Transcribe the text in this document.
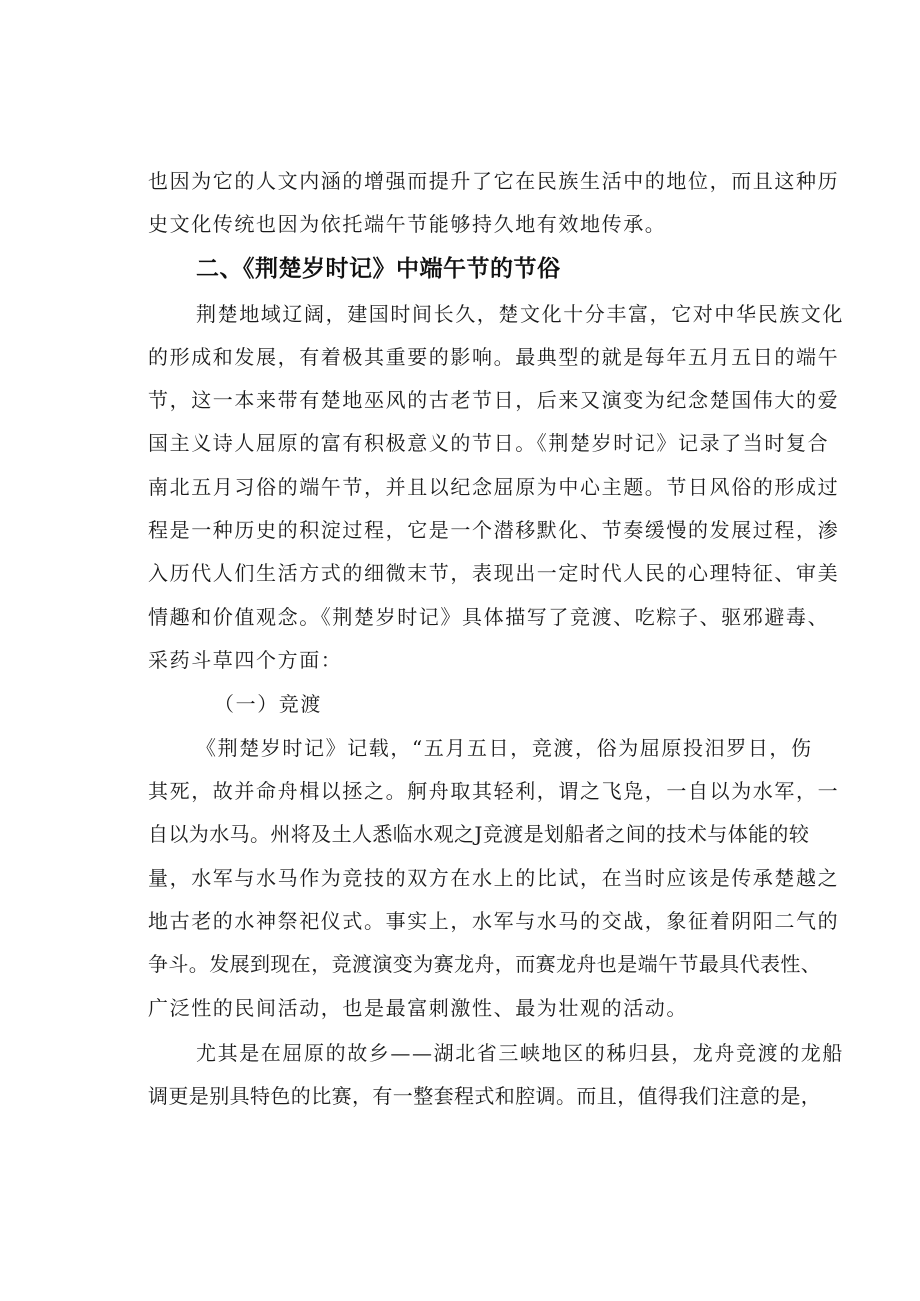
也因为它的人文内涵的增强而提升了它在民族生活中的地位，而且这种历

史文化传统也因为依托端午节能够持久地有效地传承。

二、《荆楚岁时记》中端午节的节俗

荆楚地域辽阔，建国时间长久，楚文化十分丰富，它对中华民族文化

的形成和发展，有着极其重要的影响。最典型的就是每年五月五日的端午

节，这一本来带有楚地巫风的古老节日，后来又演变为纪念楚国伟大的爱

国主义诗人屈原的富有积极意义的节日。《荆楚岁时记》记录了当时复合

南北五月习俗的端午节，并且以纪念屈原为中心主题。节日风俗的形成过

程是一种历史的积淀过程，它是一个潜移默化、节奏缓慢的发展过程，渗

入历代人们生活方式的细微末节，表现出一定时代人民的心理特征、审美

情趣和价值观念。《荆楚岁时记》具体描写了竞渡、吃粽子、驱邪避毒、

采药斗草四个方面：

（一）竞渡

《荆楚岁时记》记载，“五月五日，竞渡，俗为屈原投汨罗日，伤

其死，故并命舟楫以拯之。舸舟取其轻利，谓之飞凫，一自以为水军，一

自以为水马。州将及土人悉临水观之J竞渡是划船者之间的技术与体能的较

量，水军与水马作为竞技的双方在水上的比试，在当时应该是传承楚越之

地古老的水神祭祀仪式。事实上，水军与水马的交战，象征着阴阳二气的

争斗。发展到现在，竞渡演变为赛龙舟，而赛龙舟也是端午节最具代表性、

广泛性的民间活动，也是最富刺激性、最为壮观的活动。

尤其是在屈原的故乡——湖北省三峡地区的秭归县，龙舟竞渡的龙船

调更是别具特色的比赛，有一整套程式和腔调。而且，值得我们注意的是，
